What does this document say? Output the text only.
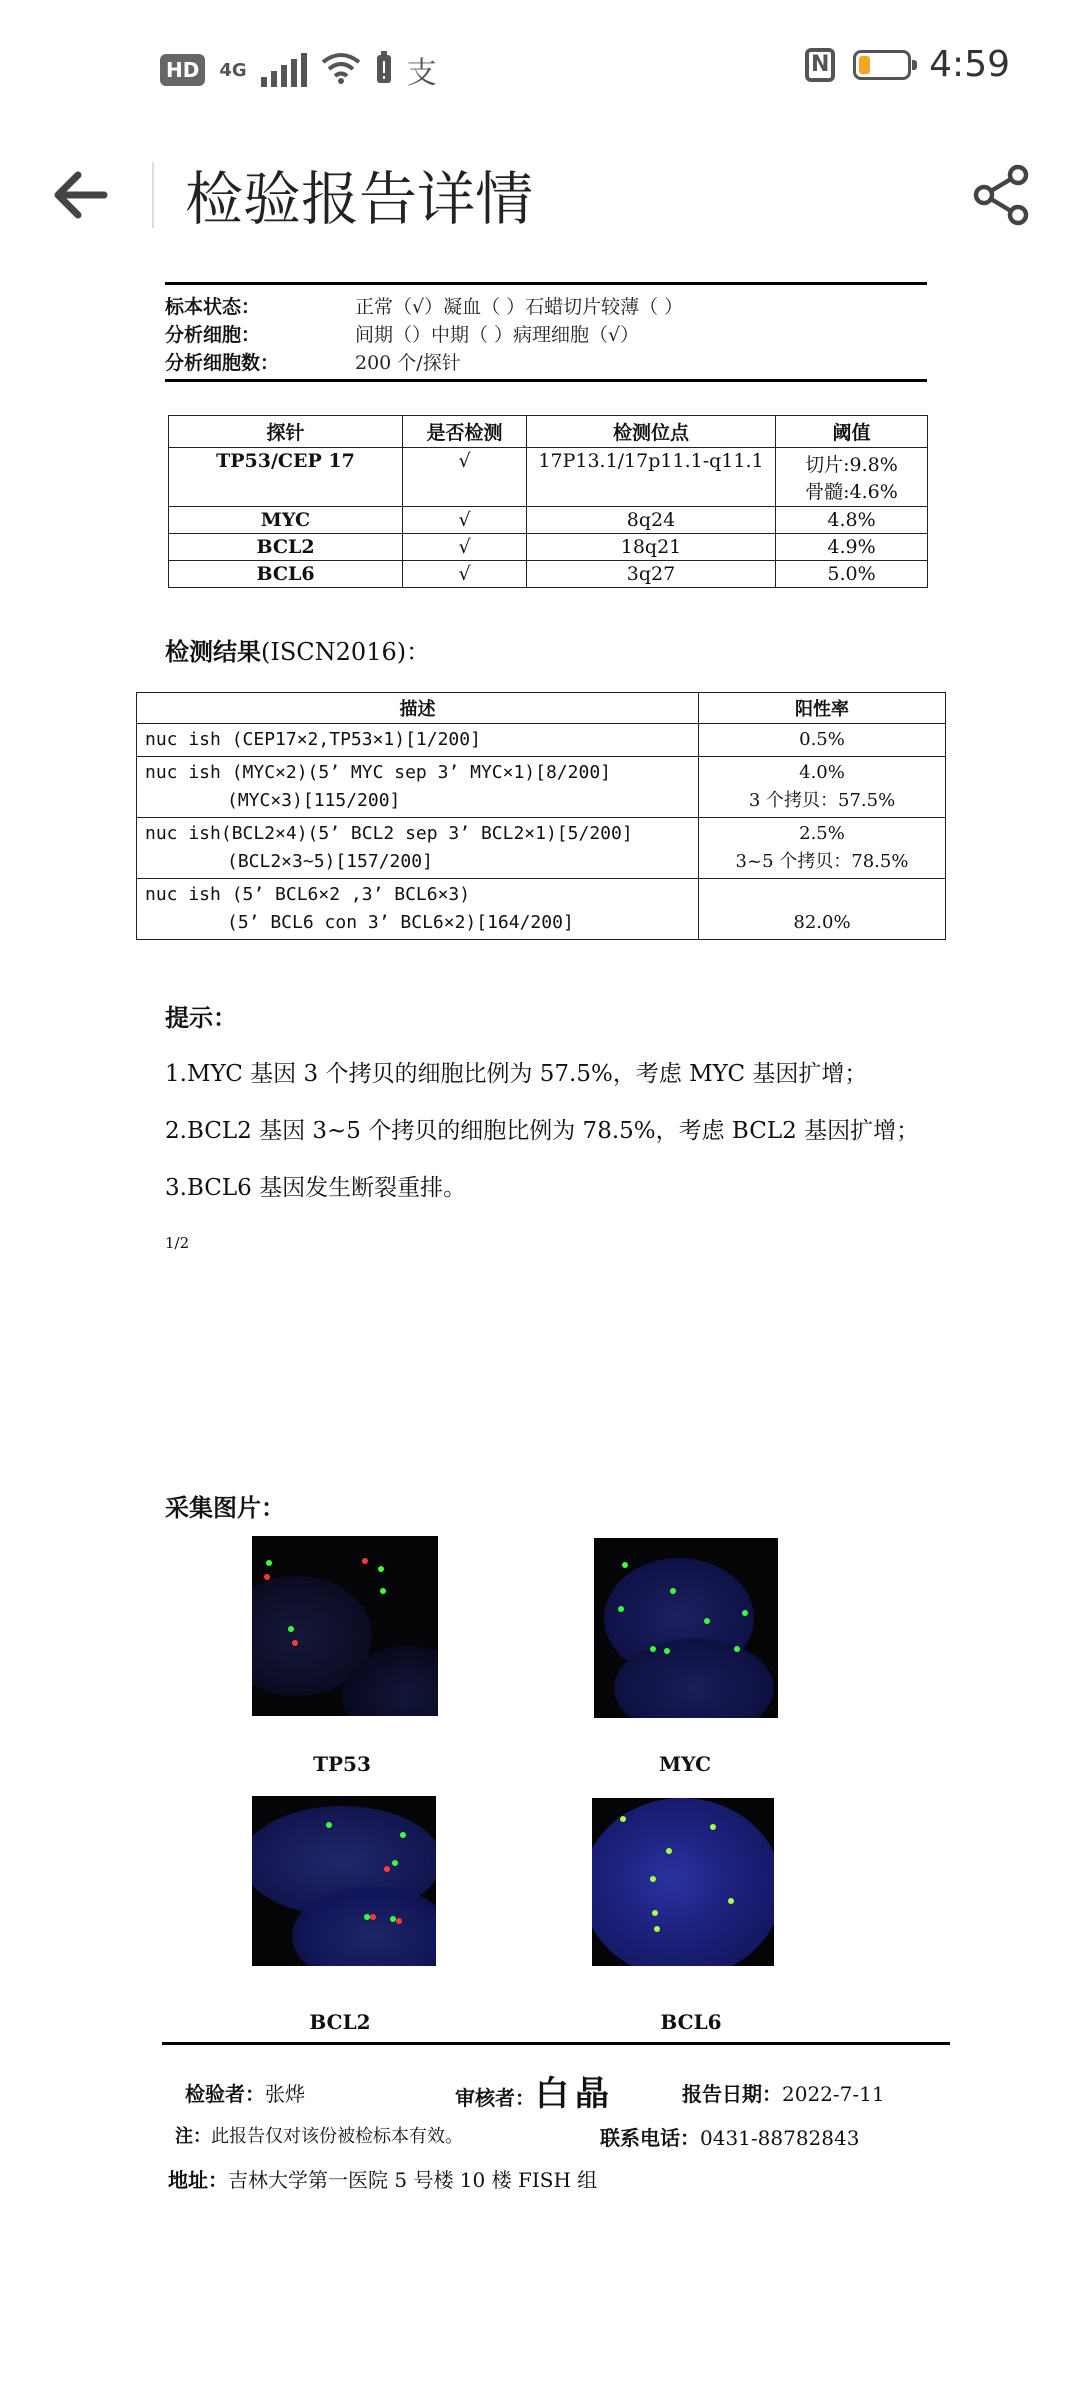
HD	4G	支	N	4:59
检验报告详情
标本状态：	正常（√）凝血（ ）石蜡切片较薄（ ）
分析细胞：	间期（）中期（ ）病理细胞（√）
分析细胞数：	200 个/探针
探针	是否检测	检测位点	阈值
TP53/CEP 17	√	17P13.1/17p11.1-q11.1	切片:9.8%
骨髓:4.6%

MYC	√	8q24	4.8%
BCL2	√	18q21	4.9%
BCL6	√	3q27	5.0%
检测结果(ISCN2016)：
描述	阳性率
nuc ish (CEP17×2,TP53×1)[1/200]	0.5%

nuc ish (MYC×2)(5’ MYC sep 3’ MYC×1)[8/200]
(MYC×3)[115/200]	4.0%
3 个拷贝：57.5%

nuc ish(BCL2×4)(5’ BCL2 sep 3’ BCL2×1)[5/200]
(BCL2×3~5)[157/200]	2.5%
3~5 个拷贝：78.5%

nuc ish (5’ BCL6×2 ,3’ BCL6×3)
(5’ BCL6 con 3’ BCL6×2)[164/200]	82.0%
提示：
1.MYC 基因 3 个拷贝的细胞比例为 57.5%，考虑 MYC 基因扩增；
2.BCL2 基因 3~5 个拷贝的细胞比例为 78.5%，考虑 BCL2 基因扩增；
3.BCL6 基因发生断裂重排。
1/2
采集图片：
TP53	MYC
BCL2	BCL6
检验者：张烨	审核者：白晶	报告日期：2022-7-11
注：此报告仅对该份被检标本有效。	联系电话：0431-88782843
地址：吉林大学第一医院 5 号楼 10 楼 FISH 组
